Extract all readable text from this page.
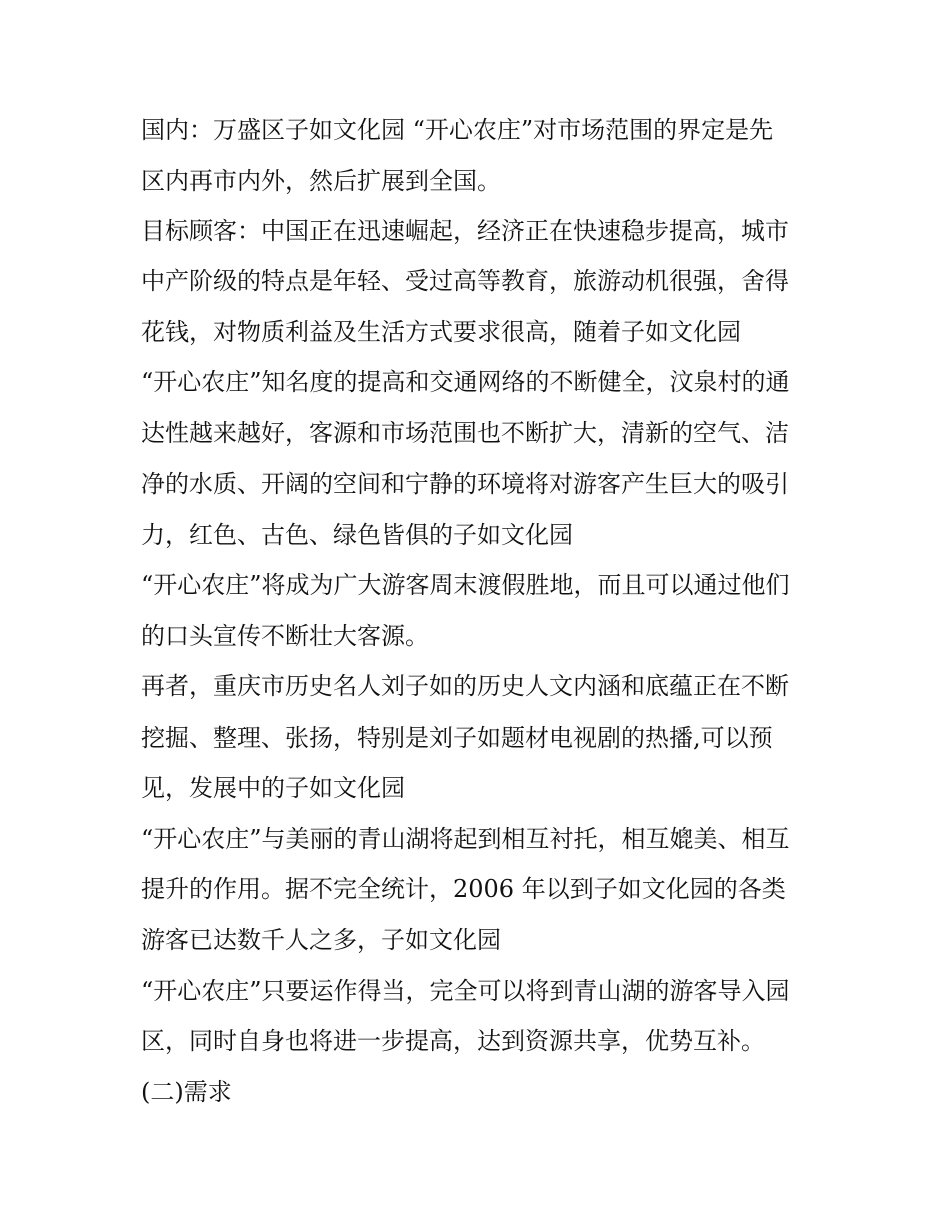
国内：万盛区子如文化园 “开心农庄”对市场范围的界定是先
区内再市内外，然后扩展到全国。
目标顾客：中国正在迅速崛起，经济正在快速稳步提高，城市
中产阶级的特点是年轻、受过高等教育，旅游动机很强，舍得
花钱，对物质利益及生活方式要求很高，随着子如文化园
“开心农庄”知名度的提高和交通网络的不断健全，汶泉村的通
达性越来越好，客源和市场范围也不断扩大，清新的空气、洁
净的水质、开阔的空间和宁静的环境将对游客产生巨大的吸引
力，红色、古色、绿色皆俱的子如文化园
“开心农庄”将成为广大游客周末渡假胜地，而且可以通过他们
的口头宣传不断壮大客源。
再者，重庆市历史名人刘子如的历史人文内涵和底蕴正在不断
挖掘、整理、张扬，特别是刘子如题材电视剧的热播,可以预
见，发展中的子如文化园
“开心农庄”与美丽的青山湖将起到相互衬托，相互媲美、相互
提升的作用。据不完全统计，2006 年以到子如文化园的各类
游客已达数千人之多，子如文化园
“开心农庄”只要运作得当，完全可以将到青山湖的游客导入园
区，同时自身也将进一步提高，达到资源共享，优势互补。
(二)需求
